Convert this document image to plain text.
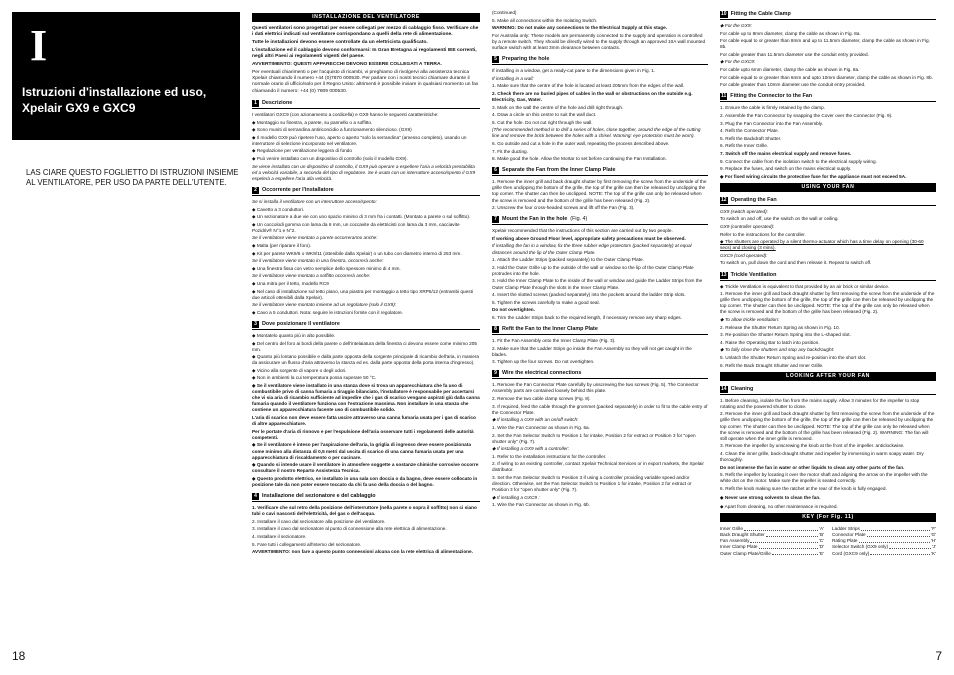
I
Istruzioni d'installazione ed uso,
Xpelair GX9 e GXC9
LAS CIARE QUESTO FOGLIETTO DI ISTRUZIONI INSIEME AL VENTILATORE, PER USO DA PARTE DELL'UTENTE.
18	7
INSTALLAZIONE DEL VENTILATORE

Questi ventilatori sono progettati per essere collegati per mezzo di cablaggio fisso. Verificare che i dati elettrici indicati sul ventilatore corrispondano a quelli della rete di alimentazione.

Tutte le installazioni devono essere controllate da un elettricista qualificato.

L'installazione ed il cablaggio devono conformarsi: In Gran Bretagna ai regolamenti IEE correnti, negli altri Paesi ai regolamenti vigenti del paese.

AVVERTIMENTO: QUESTI APPARECCHI DEVONO ESSERE COLLEGATI A TERRA.

Per eventuali chiarimenti o per l'acquisto di ricambi, vi preghiamo di rivolgervi alla assistenza tecnica Xpelair chiamando il numero +44 (0)7870 000530. Per parlare con i nostri tecnici chiamare durante il normale orario di ufficio/solo per il Regno Unito: altrimenti è possibile inviare in qualsiasi momento un fax chiamando il numero: +44 (0) 7809 000530.

1 Descrizione

I ventilatori GXC9 (con azionamento a cordicella) e GX9 hanno le seguenti caratteristiche:

◆ Montaggio su finestra, a parete, su pannello o a soffitto.

◆ Sono muniti di serrandina antiriconcidio a funzionamento silenzioso. (GX9)

◆ Il modello GX9 può ripetere l'uso, aperto o aperto "solo la serrandina" (amesso completo), usando un interruttore di selezione incorporato nel ventilatore.

◆ Regolazione per ventilazione leggera di fondo

◆ Può venire installato con un dispositivo di controllo (solo il modello GX9).

Se viene installato con un dispositivo di controllo, il GX9 può operare a espellere l'aria a velocità prestabilita ed a velocità variabile, a seconda del tipo di regolatore. Se è usato con un interruttore acceso/spento il GX9 espelerà a espellere l'aria alla velocità.

2 Occorrente per l'installatore

Se si installa il ventilatore con un interruttore acceso/spento:

◆ Cavetto a 3 conduttori.

◆ Un sezionatore a due vie con uno spazio minimo di 3 mm fra i contatti. (Montato a parete o sul soffitto).

◆ Un coccolodi gomma con lama da 6 mm, un coccavite da elettricisti con lama da 3 mm, cacciavite Pozidriv® N°1 e N°2.

Se il ventilatore viene montato a parete occorreranno anche:

◆ Malta (per riparare il foro).

◆ Kit per parete WK9/6 o WK9/11 (ottenibile dalla Xpelair) o un tubo con diametro interno di 253 mm.

Se il ventilatore viene montato in una finestra, occorrerà anche:

◆ Una finestra fissa con vetro semplice dello spessore minimo di 4 mm.

Se il ventilatore viene montato a soffitto occorrerà anche:

◆ Una mitra per il tetto, modello RC9

◆ Nel caso di installazione sul tetto piano, una piastra per montaggio a tetto tipo XRP5/12 (entrambi questi due articoli ottenibili dalla Xpelair).

Se il ventilatore viene montato insieme ad un regolatore (solo il GX9):

◆ Cavo a 5 conduttori. Nota: seguire le istruzioni fornite con il regolatore.

3 Dove posizionare il ventilatore

◆ Montatelo quanto più in alto possibile.

◆ Del centro del foro ai bordi della parete o dell'intelaiatura della finestra ci devono essere come minimo 205 mm.

◆ Quanto più lontano possibile e dalla parte opposta della sorgente principale di ricambio dell'aria, in maniera da assicurare un flusso d'aria attraverso la stanza ed es. dalla parte opposta della porta interna d'ingresso).

◆ Vicino alla sorgente di vapore o degli odori.

◆ Non in ambienti la cui temperatura possa superare 50 °C.

◆ Se il ventilatore viene installato in una stanza dove si trova un apparecchiatura che fa uso di combustibile privo di canna fumaria a tiraggio bilanciato, l'installatore è responsabile per accertarsi che vi sia aria di ricambio sufficiente ad impedire che i gas di scarico vengano aspirati giù dalla canna fumaria quando il ventilatore funziona con l'estrazione massima. Non installare in una stanza che contiene un apparecchiatura facente uso di combustibile solido.

L'aria di scarico non deve essere fatta uscire attraverso una canna fumaria usata per i gas di scarico di altre apparecchiature.

Per le portate d'aria di rinnovo e per l'espulsione dell'aria osservare tutti i regolamenti delle autorità competenti.

◆ Se il ventilatore è inteso per l'aspirazione dell'aria, la griglia di ingresso deve essere posizionata come minimo alla distanza di 0,5 metri dal uscita di scarico di una canna fumaria usata per una apparecchiatura di riscaldamento o per cucinare.

◆ Quando si intende usare il ventilatore in atmosfere soggette a sostanze chimiche corrosive occorre consultare il nostro Reparto Assistenza Tecnica.

◆ Questo prodotto elettrico, se installato in una sala con doccia o da bagno, deve essere collocato in posizione tale da non poter essere toccato da chi fa uso della doccia o del bagno.

4 Installazione del sezionatore e del cablaggio

1. Verificare che sul retro della posizione dell'interruttore (nella parete o sopra il soffitto) non ci siano tubi o cavi nascosti dell'elettricità, del gas o dell'acqua.

2. Installare il cavo dal sezionatore alla posizione del ventilatore.

3. Installare il cavo dal sezionatore al punto di connessione alla rete elettrica di alimentazione.

4. Installare il sezionatore.

5. Fare tutti i collegamenti all'interno del sezionatore.

AVVERTIMENTO: non fare a questo punto connessioni alcuna con la rete elettrica di alimentazione.

(Continued)

5. Make all connections within the Isolating Switch.

WARNING: Do not make any connections to the Electrical Supply at this stage.

For Australia only: These models are permanently connected to the supply and operation is controlled by a remote switch. They should be directly wired to the supply through an approved 10A wall mounted surface switch with at least 3mm clearance between contacts.

5 Preparing the hole

If installing in a window, get a ready-cut pane to the dimensions given in Fig. 1.

If installing in a wall:

1. Make sure that the centre of the hole is located at least 205mm from the edges of the wall.

2. Check there are no buried pipes of cables in the wall or obstructions on the outside e.g. Electricity, Gas, Water.

3. Mark on the wall the centre of the hole and drill right through.

4. Draw a circle on this centre to suit the wall duct.

5. Cut the hole. Do not cut right through the wall.

(The recommended method is to drill a series of holes, close together, around the edge of the cutting line and remove the brick between the holes with a chisel. Warning: eye protection must be worn).

6. Go outside and cut a hole in the outer wall, repeating the process described above.

7. Fit the ducting.

8. Make good the hole. Allow the Mortar to set before continuing the Fan Installation.

6 Separate the Fan from the Inner Clamp Plate

1. Remove the inner grill and back draught shutter by first removing the screw from the underside of the grille then unclipping the bottom of the grille, the top of the grille can then be released by unclipping the top corner. The shutter can then be unclipped. NOTE: The top of the grille can only be released when the screw is removed and the bottom of the grille has been released (Fig. 2).

2. Unscrew the four cross-headed screws and lift off the Fan (Fig. 3).

7 Mount the Fan in the hole (Fig. 4)

Xpelair recommended that the instructions of this section are carried out by two people.

If working above Ground Floor level, appropriate safety precautions must be observed.

If installing the fan in a window, fix the three rubber edge protectors (packed separately) at equal distances around the lip of the Outer Clamp Plate.

1. Attach the Ladder Strips (packed separately) to the Outer Clamp Plate.

2. Hold the Outer Grille up to the outside of the wall or window so the lip of the Outer Clamp Plate protrudes into the hole.

3. Hold the Inner Clamp Plate to the inside of the wall or window and guide the Ladder Strips from the Outer Clamp Plate through the slots in the Inner Clamp Plate.

4. Insert the slotted screws (packed separately) into the pockets around the ladder Strip slots.

5. Tighten the screws carefully to make a good seal.

Do not overtighten.

6. Trim the Ladder Strips back to the required length, if necessary remove any sharp edges.

8 Refit the Fan to the Inner Clamp Plate

1. Fit the Fan Assembly onto the Inner Clamp Plate (Fig. 3).

2. Make sure that the Ladder Strips go inside the Fan Assembly so they will not get caught in the blades.

3. Tighten up the four screws. Do not overtighten.

9 Wire the electrical connections

1. Remove the Fan Connector Plate carefully by unscrewing the two screws (Fig. 5). The Connector Assembly parts are contained loosely behind this plate.

2. Remove the two cable clamp screws (Fig. 8).

3. If required, feed the cable through the grommet (packed separately) in order to fit to the cable entry of the Connector Plate.

◆ If installing a GX9 with an on/off switch:

1. Wire the Fan Connector as shown in Fig. 6a.

2. Set the Fan Selector Switch to Position 1 for intake, Position 2 for extract or Position 3 for "open shutter only" (Fig. 7).

◆ If installing a GX9 with a controller:

1. Refer to the installation instructions for the controller.

2. If wiring to an existing controller, contact Xpelair Technical Services or in export markets, the Xpelair distributor.

3. Set the Fan Selector Switch to Position 3 if using a controller providing variable speed and/or direction. Otherwise, set the Fan Selector Switch to Position 1 for intake, Position 2 for extract or Position 3 for "open shutter only" (Fig. 7).

◆ If installing a GXC9 :

1. Wire the Fan Connector as shown in Fig. 6b.

10 Fitting the Cable Clamp

◆ For the GX9:

For cable up to 8mm diameter, clamp the cable as shown in Fig. 8a.

For cable equal to or greater than 8mm and up to 11.5mm diameter, clamp the cable as shown in Fig. 8b.

For cable greater than 11.5mm diameter use the conduit entry provided.

◆ For the GXC9:

For cable upto 6mm diameter, clamp the cable as shown in Fig. 8a.

For cable equal to or greater than 6mm and upto 10mm diameter, clamp the cable as shown in Fig. 8b.

For cable greater than 10mm diameter use the conduit entry provided.

11 Fitting the Connector to the Fan

1. Ensure the cable is firmly retained by the clamp.

2. Assemble the Fan Connector by snapping the Cover over the Connector (Fig. 9).

3. Plug the Fan Connector into the Fan Assembly.

4. Refit the Connector Plate.

5. Refit the Backdraft Shutter.

6. Refit the Inner Grille.

7. Switch off the mains electrical supply and remove fuses.

8. Connect the cable from the isolation switch to the electrical supply wiring.

9. Replace the fuses, and switch on the mains electrical supply.

◆ For fixed wiring circuits the protective fuse for the appliance must not exceed 5A.

USING YOUR FAN
12 Operating the Fan

GX9 (switch operated):

To switch on and off, use the switch on the wall or ceiling.

GX9 (controller operated):

Refer to the instructions for the controller.

◆ The shutters are operated by a silent thermo-actuator which has a time delay on opening (30-60 secs) and closing (3 mins).

GXC9 (cord operated):

To switch on, pull down the cord and then release it. Repeat to switch off.

13 Trickle Ventilation

◆ Trickle Ventilation is equivalent to that provided by an air brick or similar device.

1. Remove the inner grill and back draught shutter by first removing the screw from the underside of the grille then unclipping the bottom of the grille, the top of the grille can then be released by unclipping the top corner. The shutter can then be unclipped. NOTE: The top of the grille can only be released when the screw is removed and the bottom of the grille has been released (Fig. 2).

◆ To allow trickle ventilation:

2. Release the Shutter Return Spring as shown in Fig. 10.

3. Re-position the Shutter Return Spring into the L-shaped slot.

4. Raise the Operating Bar to latch into position.

◆ To fully close the shutters and stop any backdraught:

5. Unlatch the Shutter Return Spring and re-position into the short slot.

6. Refit the Back Draught Shutter and Inner Grille.

LOOKING AFTER YOUR FAN
14 Cleaning

1. Before cleaning, isolate the fan from the mains supply. Allow 3 minutes for the impeller to stop rotating and the powered shutter to close.

2. Remove the inner grill and back draught shutter by first removing the screw from the underside of the grille then unclipping the bottom of the grille, the top of the grille can then be released by unclipping the top corner. The shutter can then be unclipped. NOTE: The top of the grille can only be released when the screw is removed and the bottom of the grille has been released (Fig. 2). WARNING: The fan will still operate when the inner grille is removed.

3. Remove the impeller by unscrewing the knob at the front of the impeller. anticlockwise.

4. Clean the inner grille, back-draught shutter and impeller by immersing in warm soapy water. Dry thoroughly.

Do not immerse the fan in water or other liquids to clean any other parts of the fan.

5. Refit the impeller by locating it over the motor shaft and aligning the arrow on the impeller with the white dot on the motor. Make sure the impeller is seated correctly.

6. Refit the knob making sure the ratchet at the rear of the knob is fully engaged.

◆ Never use strong solvents to clean the fan.

◆ Apart from cleaning, no other maintenance is required.

KEY (For Fig. 11)
Inner Grille	'A' Ladder Strips	'F'
Back Draught Shutter	'B' Connector Plate	'G'
Fan Assembly	'C' Rating Plate	'H'
Inner Clamp Plate	'D' Selector Switch (GX9 only)	'J'
Outer Clamp Plate/Grille	'E' Cord (GXC9 only)	'K'
